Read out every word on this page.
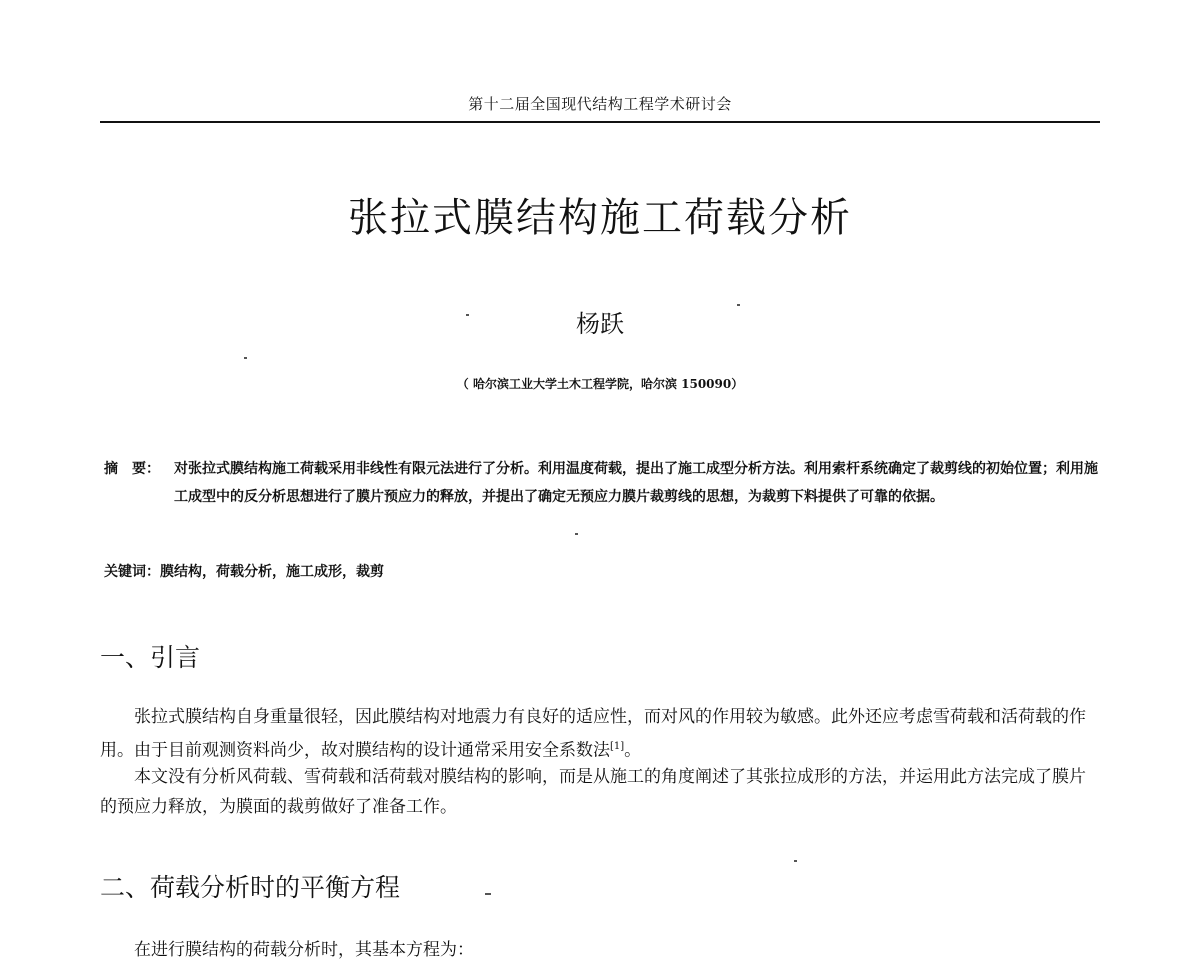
第十二届全国现代结构工程学术研讨会
张拉式膜结构施工荷载分析
杨跃
（ 哈尔滨工业大学土木工程学院，哈尔滨 150090）
摘　要：	对张拉式膜结构施工荷载采用非线性有限元法进行了分析。利用温度荷载，提出了施工成型分析方法。利用索杆系统确定了裁剪线的初始位置；利用施工成型中的反分析思想进行了膜片预应力的释放，并提出了确定无预应力膜片裁剪线的思想，为裁剪下料提供了可靠的依据。
关键词：膜结构，荷载分析，施工成形，裁剪
一、引言

张拉式膜结构自身重量很轻，因此膜结构对地震力有良好的适应性，而对风的作用较为敏感。此外还应考虑雪荷载和活荷载的作用。由于目前观测资料尚少，故对膜结构的设计通常采用安全系数法[1]。

本文没有分析风荷载、雪荷载和活荷载对膜结构的影响，而是从施工的角度阐述了其张拉成形的方法，并运用此方法完成了膜片的预应力释放，为膜面的裁剪做好了准备工作。

二、荷载分析时的平衡方程

在进行膜结构的荷载分析时，其基本方程为：
